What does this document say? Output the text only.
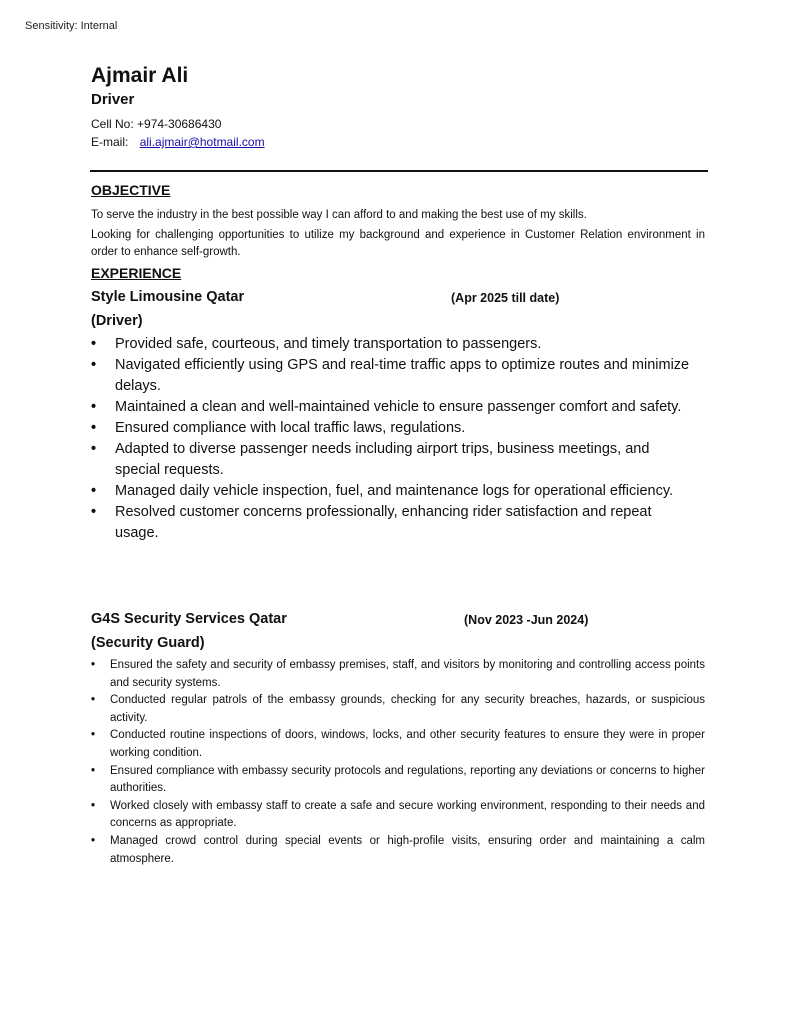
Sensitivity: Internal
Ajmair Ali
Driver
Cell No: +974-30686430
E-mail: ali.ajmair@hotmail.com
OBJECTIVE
To serve the industry in the best possible way I can afford to and making the best use of my skills.
Looking for challenging opportunities to utilize my background and experience in Customer Relation environment in order to enhance self-growth.
EXPERIENCE
Style Limousine Qatar	(Apr 2025 till date)
(Driver)
• Provided safe, courteous, and timely transportation to passengers.
• Navigated efficiently using GPS and real-time traffic apps to optimize routes and minimize delays.
• Maintained a clean and well-maintained vehicle to ensure passenger comfort and safety.
• Ensured compliance with local traffic laws, regulations.
• Adapted to diverse passenger needs including airport trips, business meetings, and special requests.
• Managed daily vehicle inspection, fuel, and maintenance logs for operational efficiency.
• Resolved customer concerns professionally, enhancing rider satisfaction and repeat usage.
G4S Security Services Qatar	(Nov 2023 -Jun 2024)
(Security Guard)
• Ensured the safety and security of embassy premises, staff, and visitors by monitoring and controlling access points and security systems.
• Conducted regular patrols of the embassy grounds, checking for any security breaches, hazards, or suspicious activity.
• Conducted routine inspections of doors, windows, locks, and other security features to ensure they were in proper working condition.
• Ensured compliance with embassy security protocols and regulations, reporting any deviations or concerns to higher authorities.
• Worked closely with embassy staff to create a safe and secure working environment, responding to their needs and concerns as appropriate.
• Managed crowd control during special events or high-profile visits, ensuring order and maintaining a calm atmosphere.
